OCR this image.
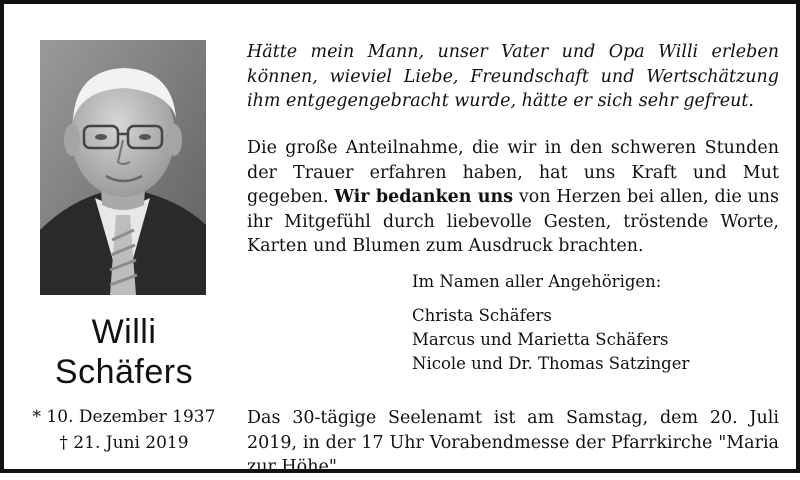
Willi
Schäfers
* 10. Dezember 1937
† 21. Juni 2019
Hätte mein Mann, unser Vater und Opa Willi erleben können, wieviel Liebe, Freundschaft und Wertschätzung ihm entgegengebracht wurde, hätte er sich sehr gefreut.
Die große Anteilnahme, die wir in den schweren Stunden der Trauer erfahren haben, hat uns Kraft und Mut gegeben. Wir bedanken uns von Herzen bei allen, die uns ihr Mitgefühl durch liebevolle Gesten, tröstende Worte, Karten und Blumen zum Ausdruck brachten.
Im Namen aller Angehörigen:
Christa Schäfers
Marcus und Marietta Schäfers
Nicole und Dr. Thomas Satzinger
Das 30-tägige Seelenamt ist am Samstag, dem 20. Juli 2019, in der 17 Uhr Vorabendmesse der Pfarrkirche "Maria zur Höhe".
